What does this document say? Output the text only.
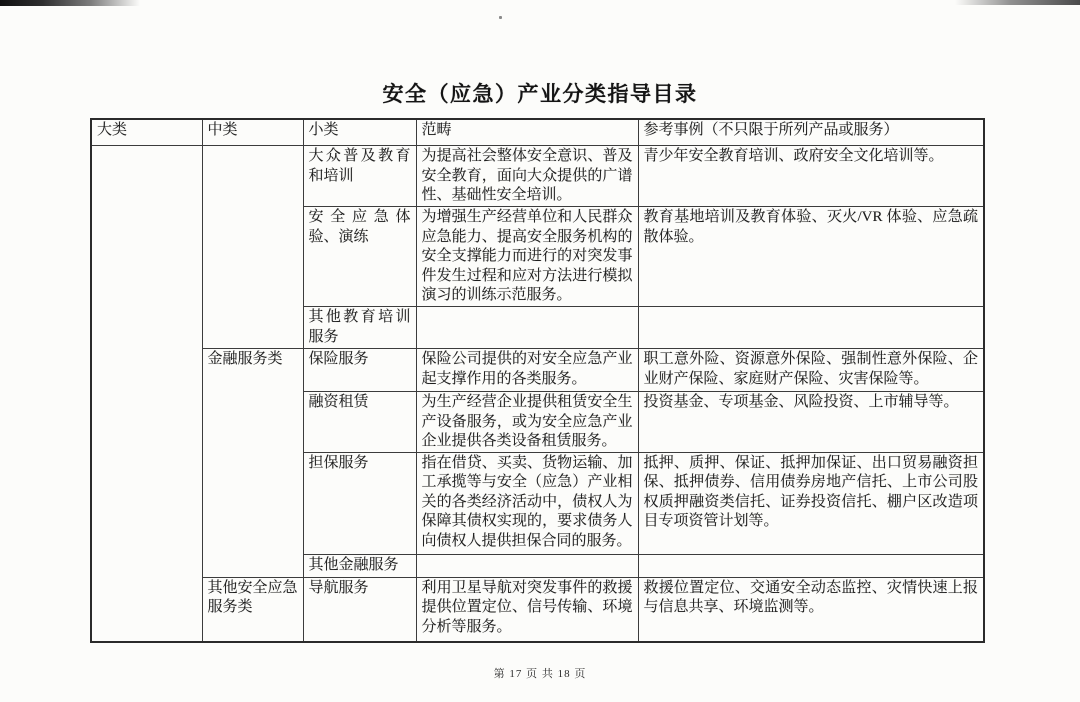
安全（应急）产业分类指导目录
大类	中类	小类	范畴	参考事例（不只限于所列产品或服务）
		大众普及教育和培训	为提高社会整体安全意识、普及安全教育，面向大众提供的广谱性、基础性安全培训。	青少年安全教育培训、政府安全文化培训等。
		安全应急体验、演练	为增强生产经营单位和人民群众应急能力、提高安全服务机构的安全支撑能力而进行的对突发事件发生过程和应对方法进行模拟演习的训练示范服务。	教育基地培训及教育体验、灭火/VR 体验、应急疏散体验。
		其他教育培训服务		
	金融服务类	保险服务	保险公司提供的对安全应急产业起支撑作用的各类服务。	职工意外险、资源意外保险、强制性意外保险、企业财产保险、家庭财产保险、灾害保险等。
		融资租赁	为生产经营企业提供租赁安全生产设备服务，或为安全应急产业企业提供各类设备租赁服务。	投资基金、专项基金、风险投资、上市辅导等。
		担保服务	指在借贷、买卖、货物运输、加工承揽等与安全（应急）产业相关的各类经济活动中，债权人为保障其债权实现的，要求债务人向债权人提供担保合同的服务。	抵押、质押、保证、抵押加保证、出口贸易融资担保、抵押债券、信用债券房地产信托、上市公司股权质押融资类信托、证券投资信托、棚户区改造项目专项资管计划等。
		其他金融服务		
	其他安全应急服务类	导航服务	利用卫星导航对突发事件的救援提供位置定位、信号传输、环境分析等服务。	救援位置定位、交通安全动态监控、灾情快速上报与信息共享、环境监测等。
第 17 页 共 18 页
